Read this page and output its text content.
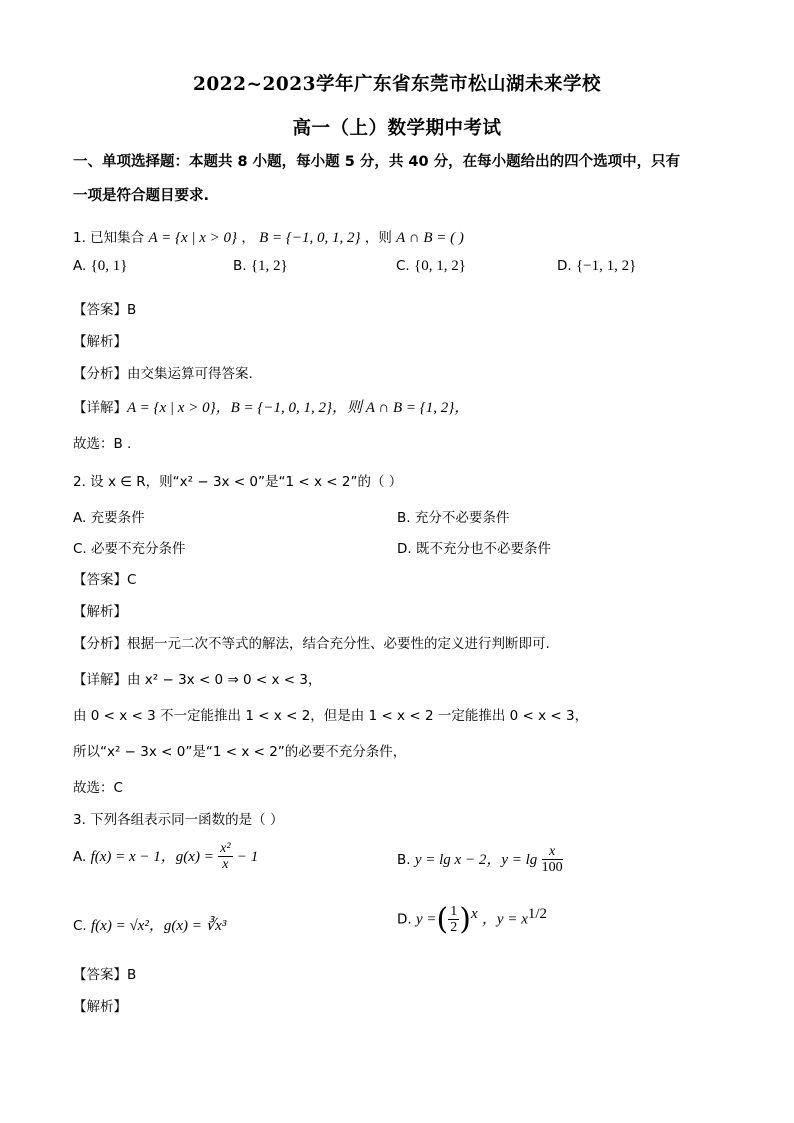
2022~2023学年广东省东莞市松山湖未来学校
高一（上）数学期中考试
一、单项选择题：本题共 8 小题，每小题 5 分，共 40 分，在每小题给出的四个选项中，只有
一项是符合题目要求.
1. 已知集合 A = {x | x > 0} ， B = {−1, 0, 1, 2} ，则 A ∩ B = ( )
A. {0, 1}	B. {1, 2}	C. {0, 1, 2}	D. {−1, 1, 2}
【答案】B
【解析】
【分析】由交集运算可得答案.
【详解】A = {x | x > 0}，B = {−1, 0, 1, 2}，则 A ∩ B = {1, 2}，
故选：B .
2. 设 x ∈ R，则“x² − 3x < 0”是“1 < x < 2”的（ ）
A. 充要条件	B. 充分不必要条件
C. 必要不充分条件	D. 既不充分也不必要条件
【答案】C
【解析】
【分析】根据一元二次不等式的解法，结合充分性、必要性的定义进行判断即可.
【详解】由 x² − 3x < 0 ⇒ 0 < x < 3，
由 0 < x < 3 不一定能推出 1 < x < 2，但是由 1 < x < 2 一定能推出 0 < x < 3，
所以“x² − 3x < 0”是“1 < x < 2”的必要不充分条件，
故选：C
3. 下列各组表示同一函数的是（ ）
A. f(x) = x − 1，$g(x) = \frac{\text{x²}}{x} - 1$	B. y = lg x − 2，$y = \lg \frac{x}{100}$
C. f(x) = √x²，g(x) = ∛x³	D. y =( $\frac{1}{2} )^x$ ，$y = x^{1/2}$
【答案】B
【解析】
